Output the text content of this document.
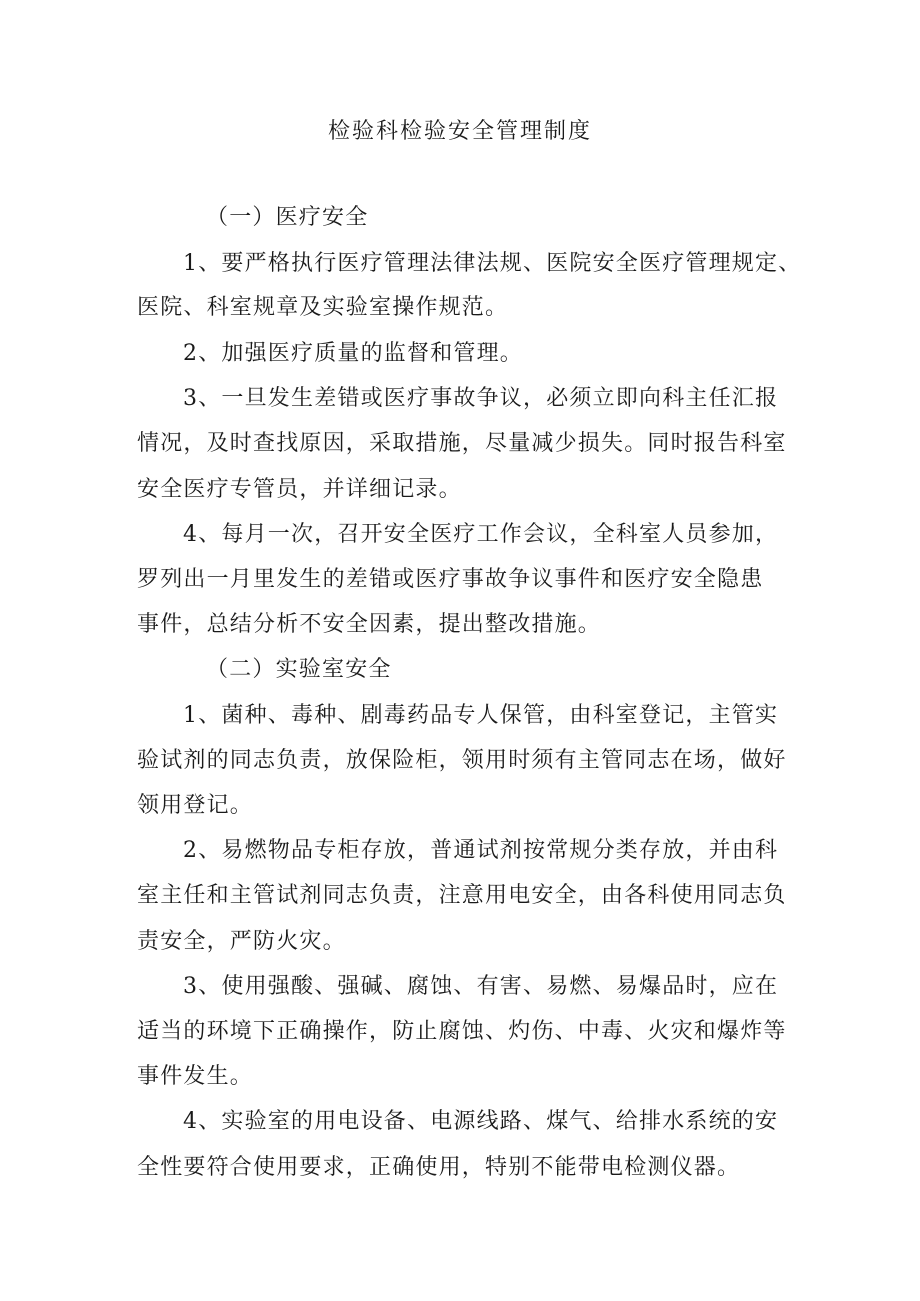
检验科检验安全管理制度
（一）医疗安全
1、要严格执行医疗管理法律法规、医院安全医疗管理规定、
医院、科室规章及实验室操作规范。
2、加强医疗质量的监督和管理。
3、一旦发生差错或医疗事故争议，必须立即向科主任汇报
情况，及时查找原因，采取措施，尽量减少损失。同时报告科室
安全医疗专管员，并详细记录。
4、每月一次，召开安全医疗工作会议，全科室人员参加，
罗列出一月里发生的差错或医疗事故争议事件和医疗安全隐患
事件，总结分析不安全因素，提出整改措施。
（二）实验室安全
1、菌种、毒种、剧毒药品专人保管，由科室登记，主管实
验试剂的同志负责，放保险柜，领用时须有主管同志在场，做好
领用登记。
2、易燃物品专柜存放，普通试剂按常规分类存放，并由科
室主任和主管试剂同志负责，注意用电安全，由各科使用同志负
责安全，严防火灾。
3、使用强酸、强碱、腐蚀、有害、易燃、易爆品时，应在
适当的环境下正确操作，防止腐蚀、灼伤、中毒、火灾和爆炸等
事件发生。
4、实验室的用电设备、电源线路、煤气、给排水系统的安
全性要符合使用要求，正确使用，特别不能带电检测仪器。
